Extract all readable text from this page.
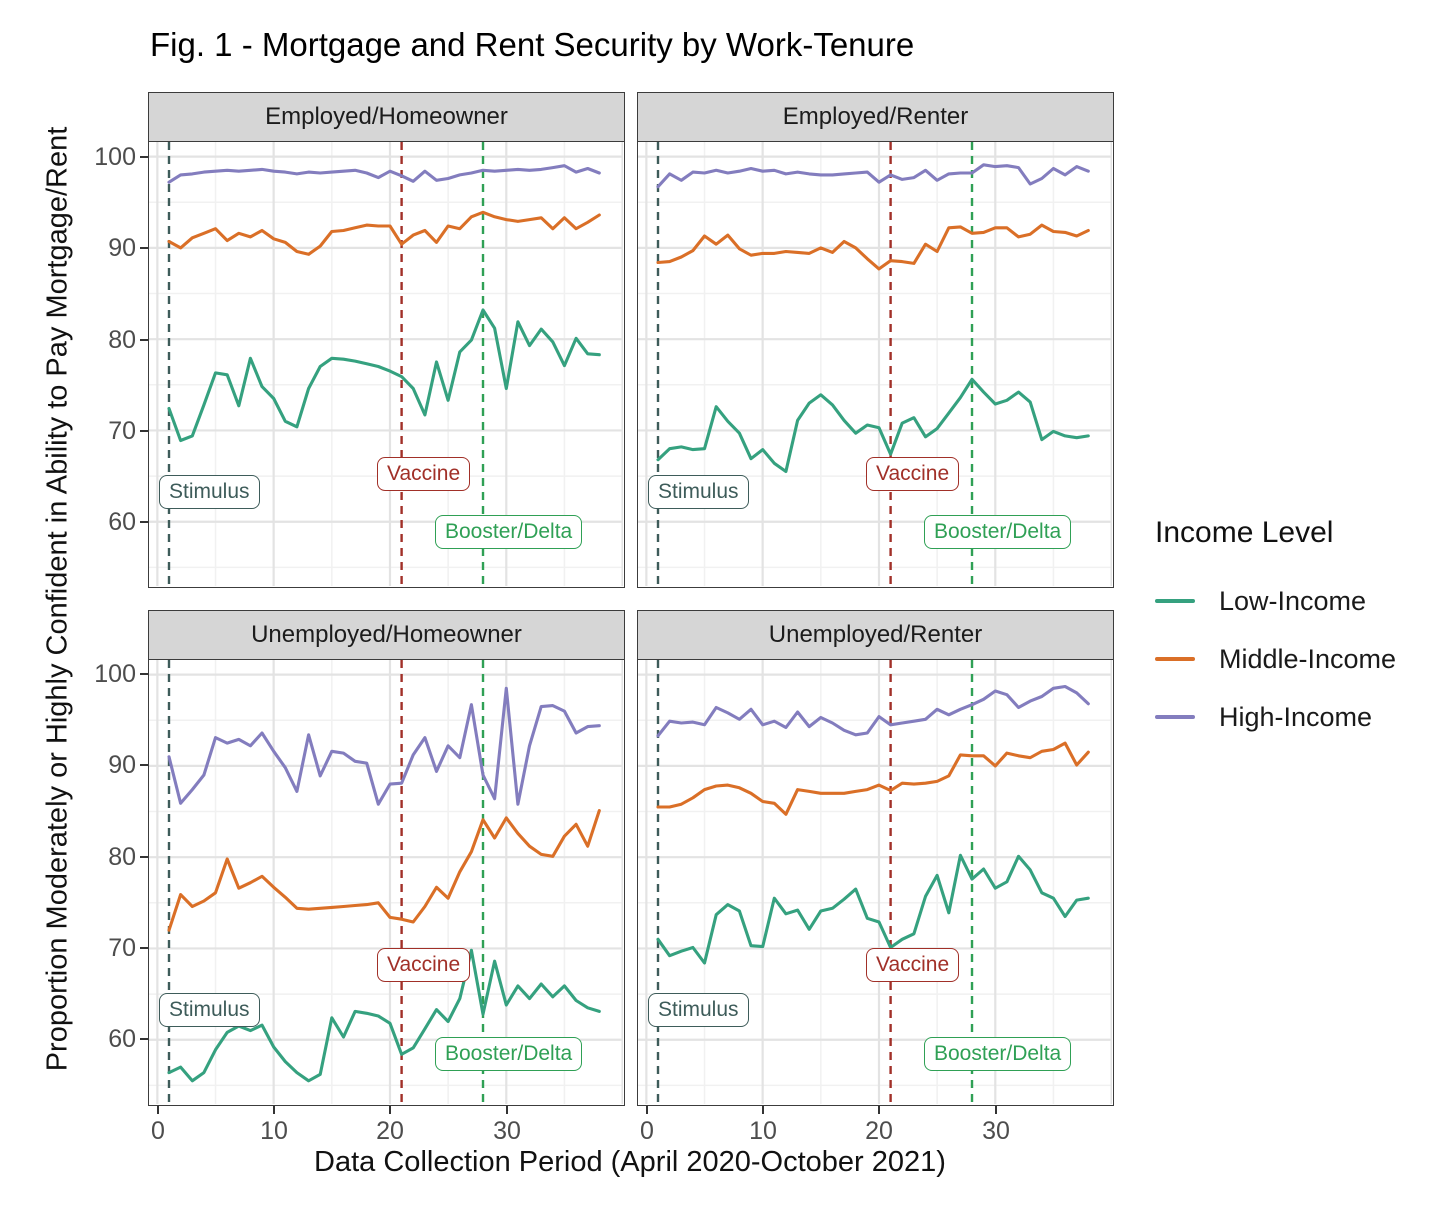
Fig. 1 - Mortgage and Rent Security by Work-Tenure
Proportion Moderately or Highly Confident in Ability to Pay Mortgage/Rent
Data Collection Period (April 2020-October 2021)
Employed/Homeowner
Stimulus
Vaccine
Booster/Delta
Employed/Renter
Stimulus
Vaccine
Booster/Delta
Unemployed/Homeowner
Stimulus
Vaccine
Booster/Delta
Unemployed/Renter
Stimulus
Vaccine
Booster/Delta
100
90
80
70
60
100
90
80
70
60
0	10	20	30	0	10	20	30
Income Level
Low-Income
Middle-Income
High-Income
